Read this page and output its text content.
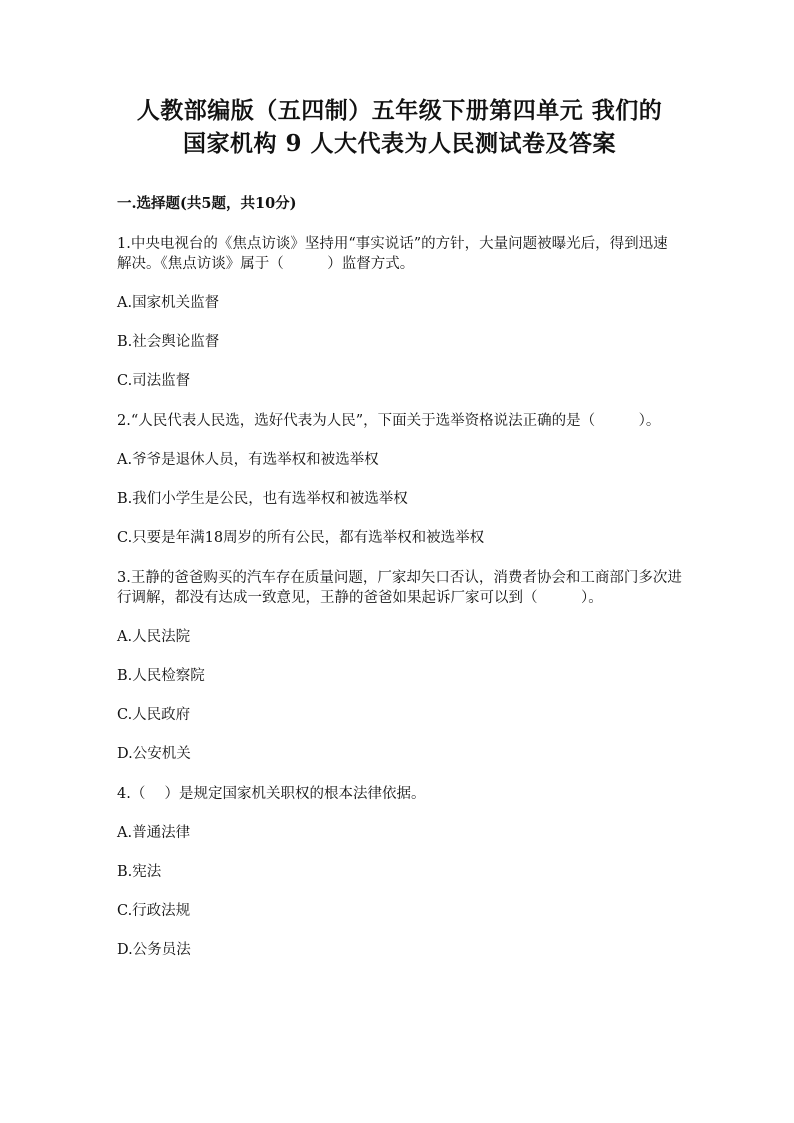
人教部编版（五四制）五年级下册第四单元 我们的
国家机构 9 人大代表为人民测试卷及答案
一.选择题(共5题，共10分)
1.中央电视台的《焦点访谈》坚持用“事实说话”的方针，大量问题被曝光后，得到迅速解决。《焦点访谈》属于（　　　）监督方式。
A.国家机关监督
B.社会舆论监督
C.司法监督
2.“人民代表人民选，选好代表为人民”，下面关于选举资格说法正确的是（　　　）。
A.爷爷是退休人员，有选举权和被选举权
B.我们小学生是公民，也有选举权和被选举权
C.只要是年满18周岁的所有公民，都有选举权和被选举权
3.王静的爸爸购买的汽车存在质量问题，厂家却矢口否认，消费者协会和工商部门多次进行调解，都没有达成一致意见，王静的爸爸如果起诉厂家可以到（　　　）。
A.人民法院
B.人民检察院
C.人民政府
D.公安机关
4.（　 ）是规定国家机关职权的根本法律依据。
A.普通法律
B.宪法
C.行政法规
D.公务员法
